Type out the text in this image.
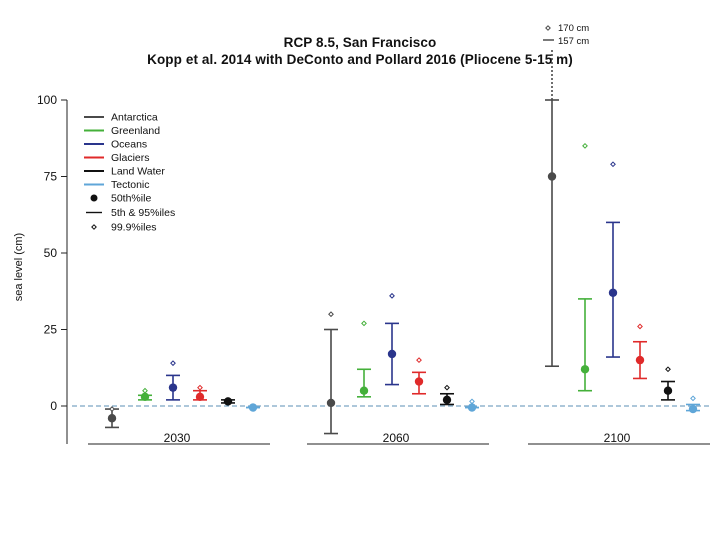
RCP 8.5, San Francisco
Kopp et al. 2014 with DeConto and Pollard 2016 (Pliocene 5-15 m)
0
25
50
75
100
sea level (cm)
2030	2060	2100
170 cm
157 cm
Antarctica
Greenland
Oceans
Glaciers
Land Water
Tectonic
50th%ile
5th & 95%iles
99.9%iles
